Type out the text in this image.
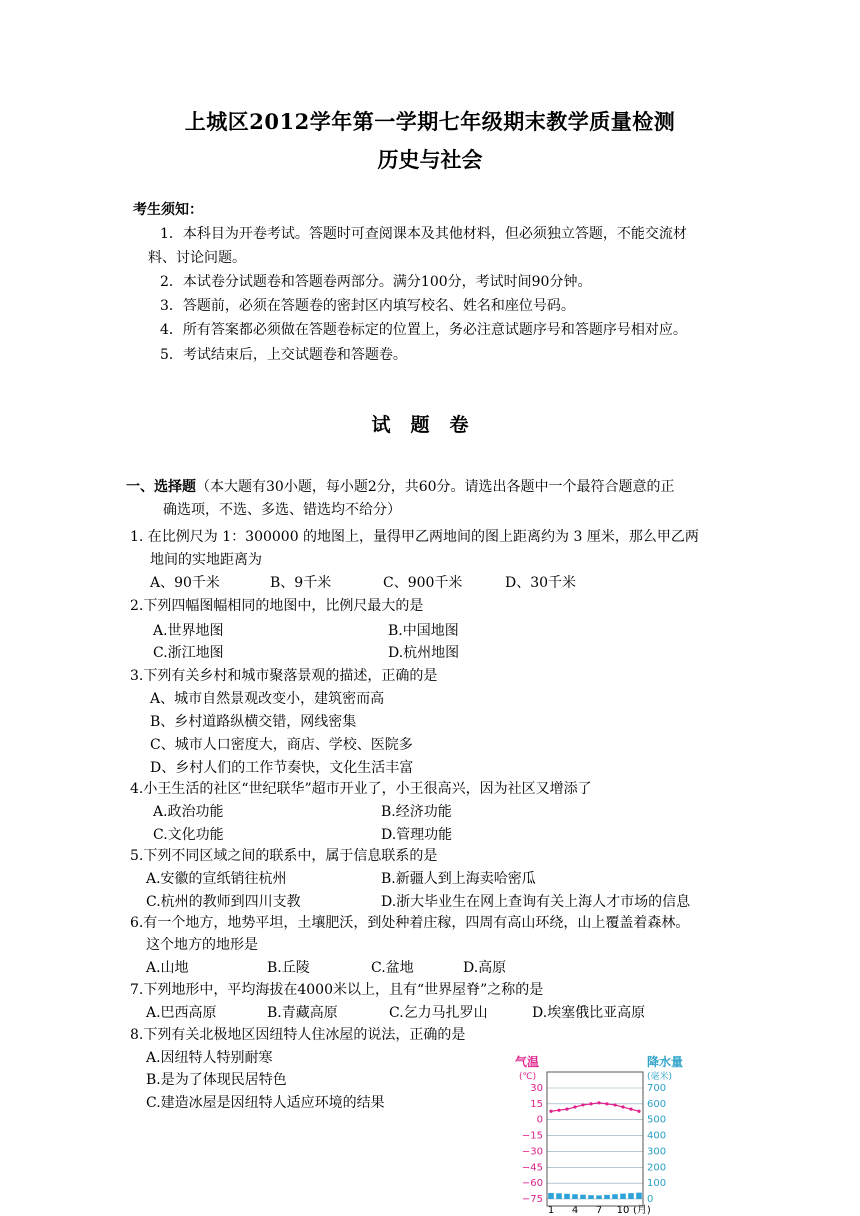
上城区2012学年第一学期七年级期末教学质量检测
历史与社会
考生须知：
1．本科目为开卷考试。答题时可查阅课本及其他材料，但必须独立答题，不能交流材
料、讨论问题。
2．本试卷分试题卷和答题卷两部分。满分100分，考试时间90分钟。
3．答题前，必须在答题卷的密封区内填写校名、姓名和座位号码。
4．所有答案都必须做在答题卷标定的位置上，务必注意试题序号和答题序号相对应。
5．考试结束后，上交试题卷和答题卷。
试题卷
一、选择题（本大题有30小题，每小题2分，共60分。请选出各题中一个最符合题意的正
确选项，不选、多选、错选均不给分）
1. 在比例尺为 1：300000 的地图上，量得甲乙两地间的图上距离约为 3 厘米，那么甲乙两
地间的实地距离为
A、90千米	B、9千米	C、900千米	D、30千米
2.下列四幅图幅相同的地图中，比例尺最大的是
A.世界地图	B.中国地图
C.浙江地图	D.杭州地图
3.下列有关乡村和城市聚落景观的描述，正确的是
A、城市自然景观改变小，建筑密而高
B、乡村道路纵横交错，网线密集
C、城市人口密度大，商店、学校、医院多
D、乡村人们的工作节奏快，文化生活丰富
4.小王生活的社区“世纪联华”超市开业了，小王很高兴，因为社区又增添了
A.政治功能	B.经济功能
C.文化功能	D.管理功能
5.下列不同区域之间的联系中，属于信息联系的是
A.安徽的宣纸销往杭州	B.新疆人到上海卖哈密瓜
C.杭州的教师到四川支教	D.浙大毕业生在网上查询有关上海人才市场的信息
6.有一个地方，地势平坦，土壤肥沃，到处种着庄稼，四周有高山环绕，山上覆盖着森林。
这个地方的地形是
A.山地	B.丘陵	C.盆地	D.高原
7.下列地形中，平均海拔在4000米以上，且有“世界屋脊”之称的是
A.巴西高原	B.青藏高原	C.乞力马扎罗山	D.埃塞俄比亚高原
8.下列有关北极地区因纽特人住冰屋的说法，正确的是
A.因纽特人特别耐寒
B.是为了体现民居特色
C.建造冰屋是因纽特人适应环境的结果
气温
(℃)
降水量
(毫米)
30
15
0
−15
−30
−45
−60
−75
700
600
500
400
300
200
100
0
1 4 7 10 (月)
